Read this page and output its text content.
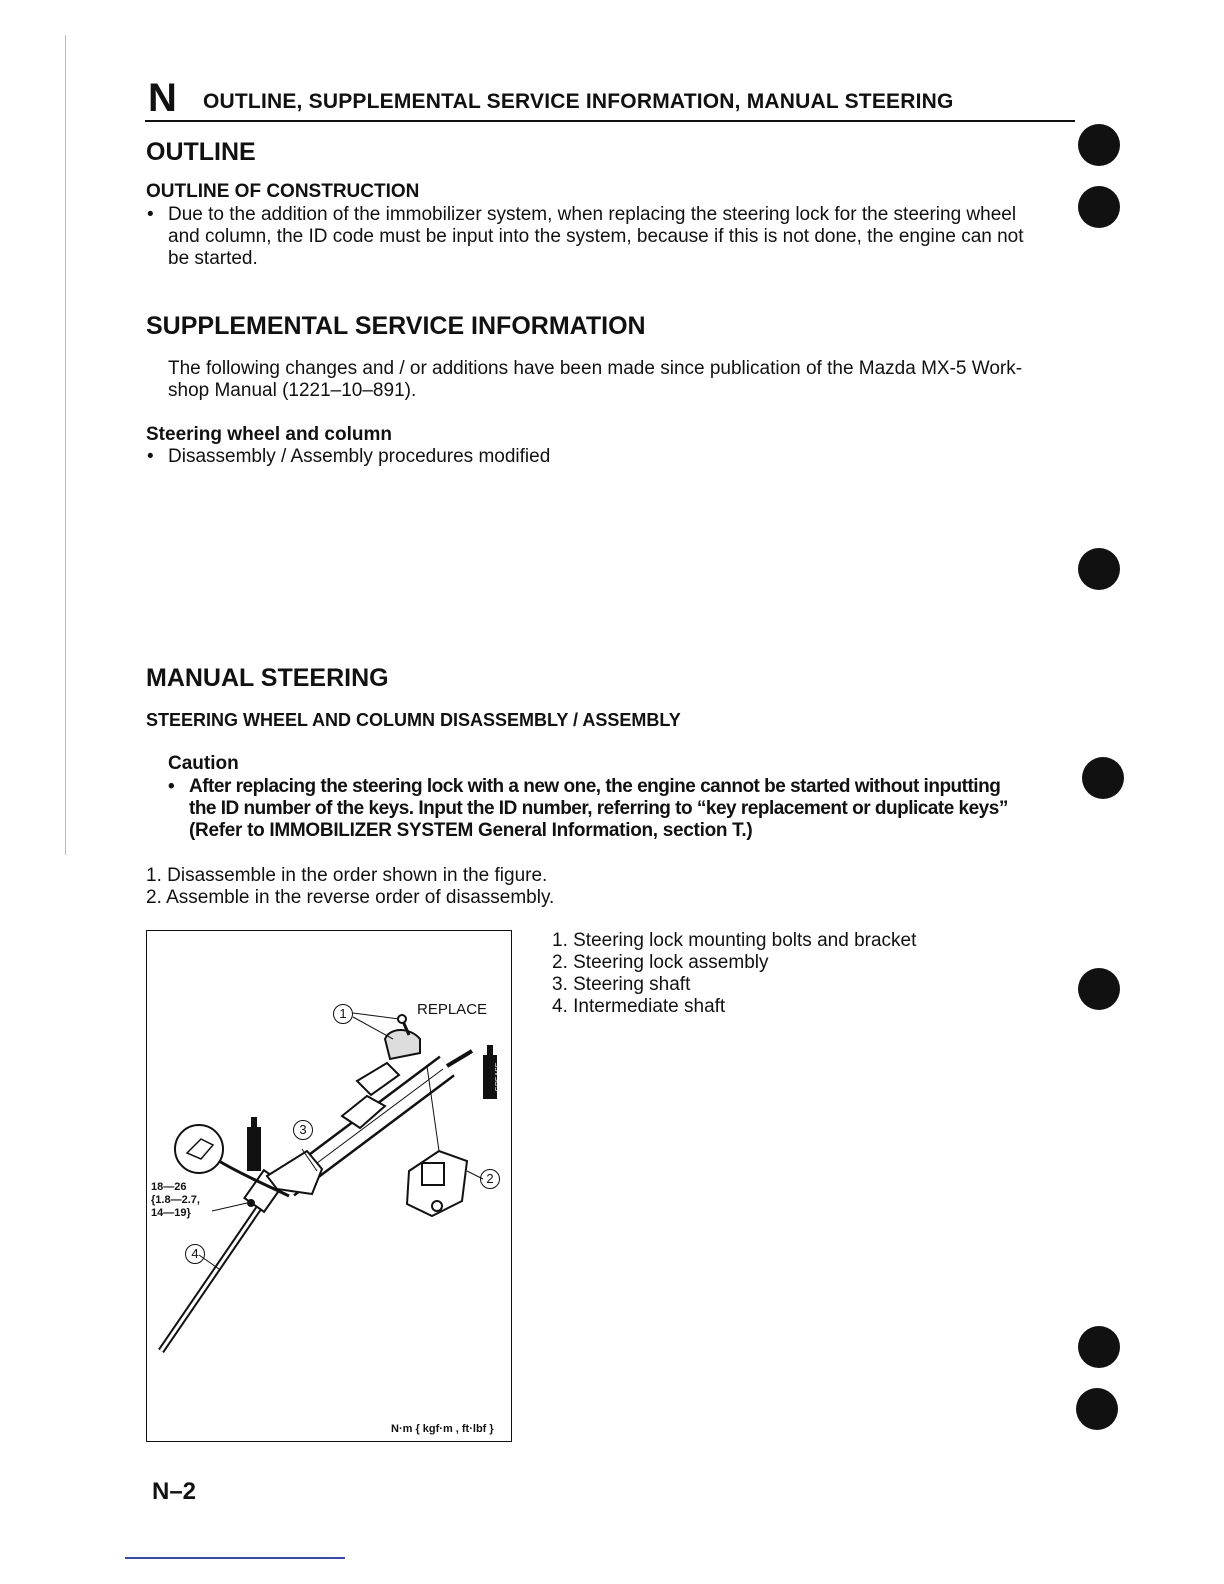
N OUTLINE, SUPPLEMENTAL SERVICE INFORMATION, MANUAL STEERING
OUTLINE
OUTLINE OF CONSTRUCTION
• Due to the addition of the immobilizer system, when replacing the steering lock for the steering wheel
and column, the ID code must be input into the system, because if this is not done, the engine can not
be started.
SUPPLEMENTAL SERVICE INFORMATION
The following changes and / or additions have been made since publication of the Mazda MX-5 Work-
shop Manual (1221–10–891).
Steering wheel and column
• Disassembly / Assembly procedures modified
MANUAL STEERING
STEERING WHEEL AND COLUMN DISASSEMBLY / ASSEMBLY
Caution
• After replacing the steering lock with a new one, the engine cannot be started without inputting
the ID number of the keys. Input the ID number, referring to “key replacement or duplicate keys”
(Refer to IMMOBILIZER SYSTEM General Information, section T.)
1. Disassemble in the order shown in the figure.
2. Assemble in the reverse order of disassembly.
GREASE
1
2
3
4
REPLACE
18—26
{1.8—2.7,
14—19}
N·m { kgf·m , ft·lbf }
1. Steering lock mounting bolts and bracket
2. Steering lock assembly
3. Steering shaft
4. Intermediate shaft
N–2
